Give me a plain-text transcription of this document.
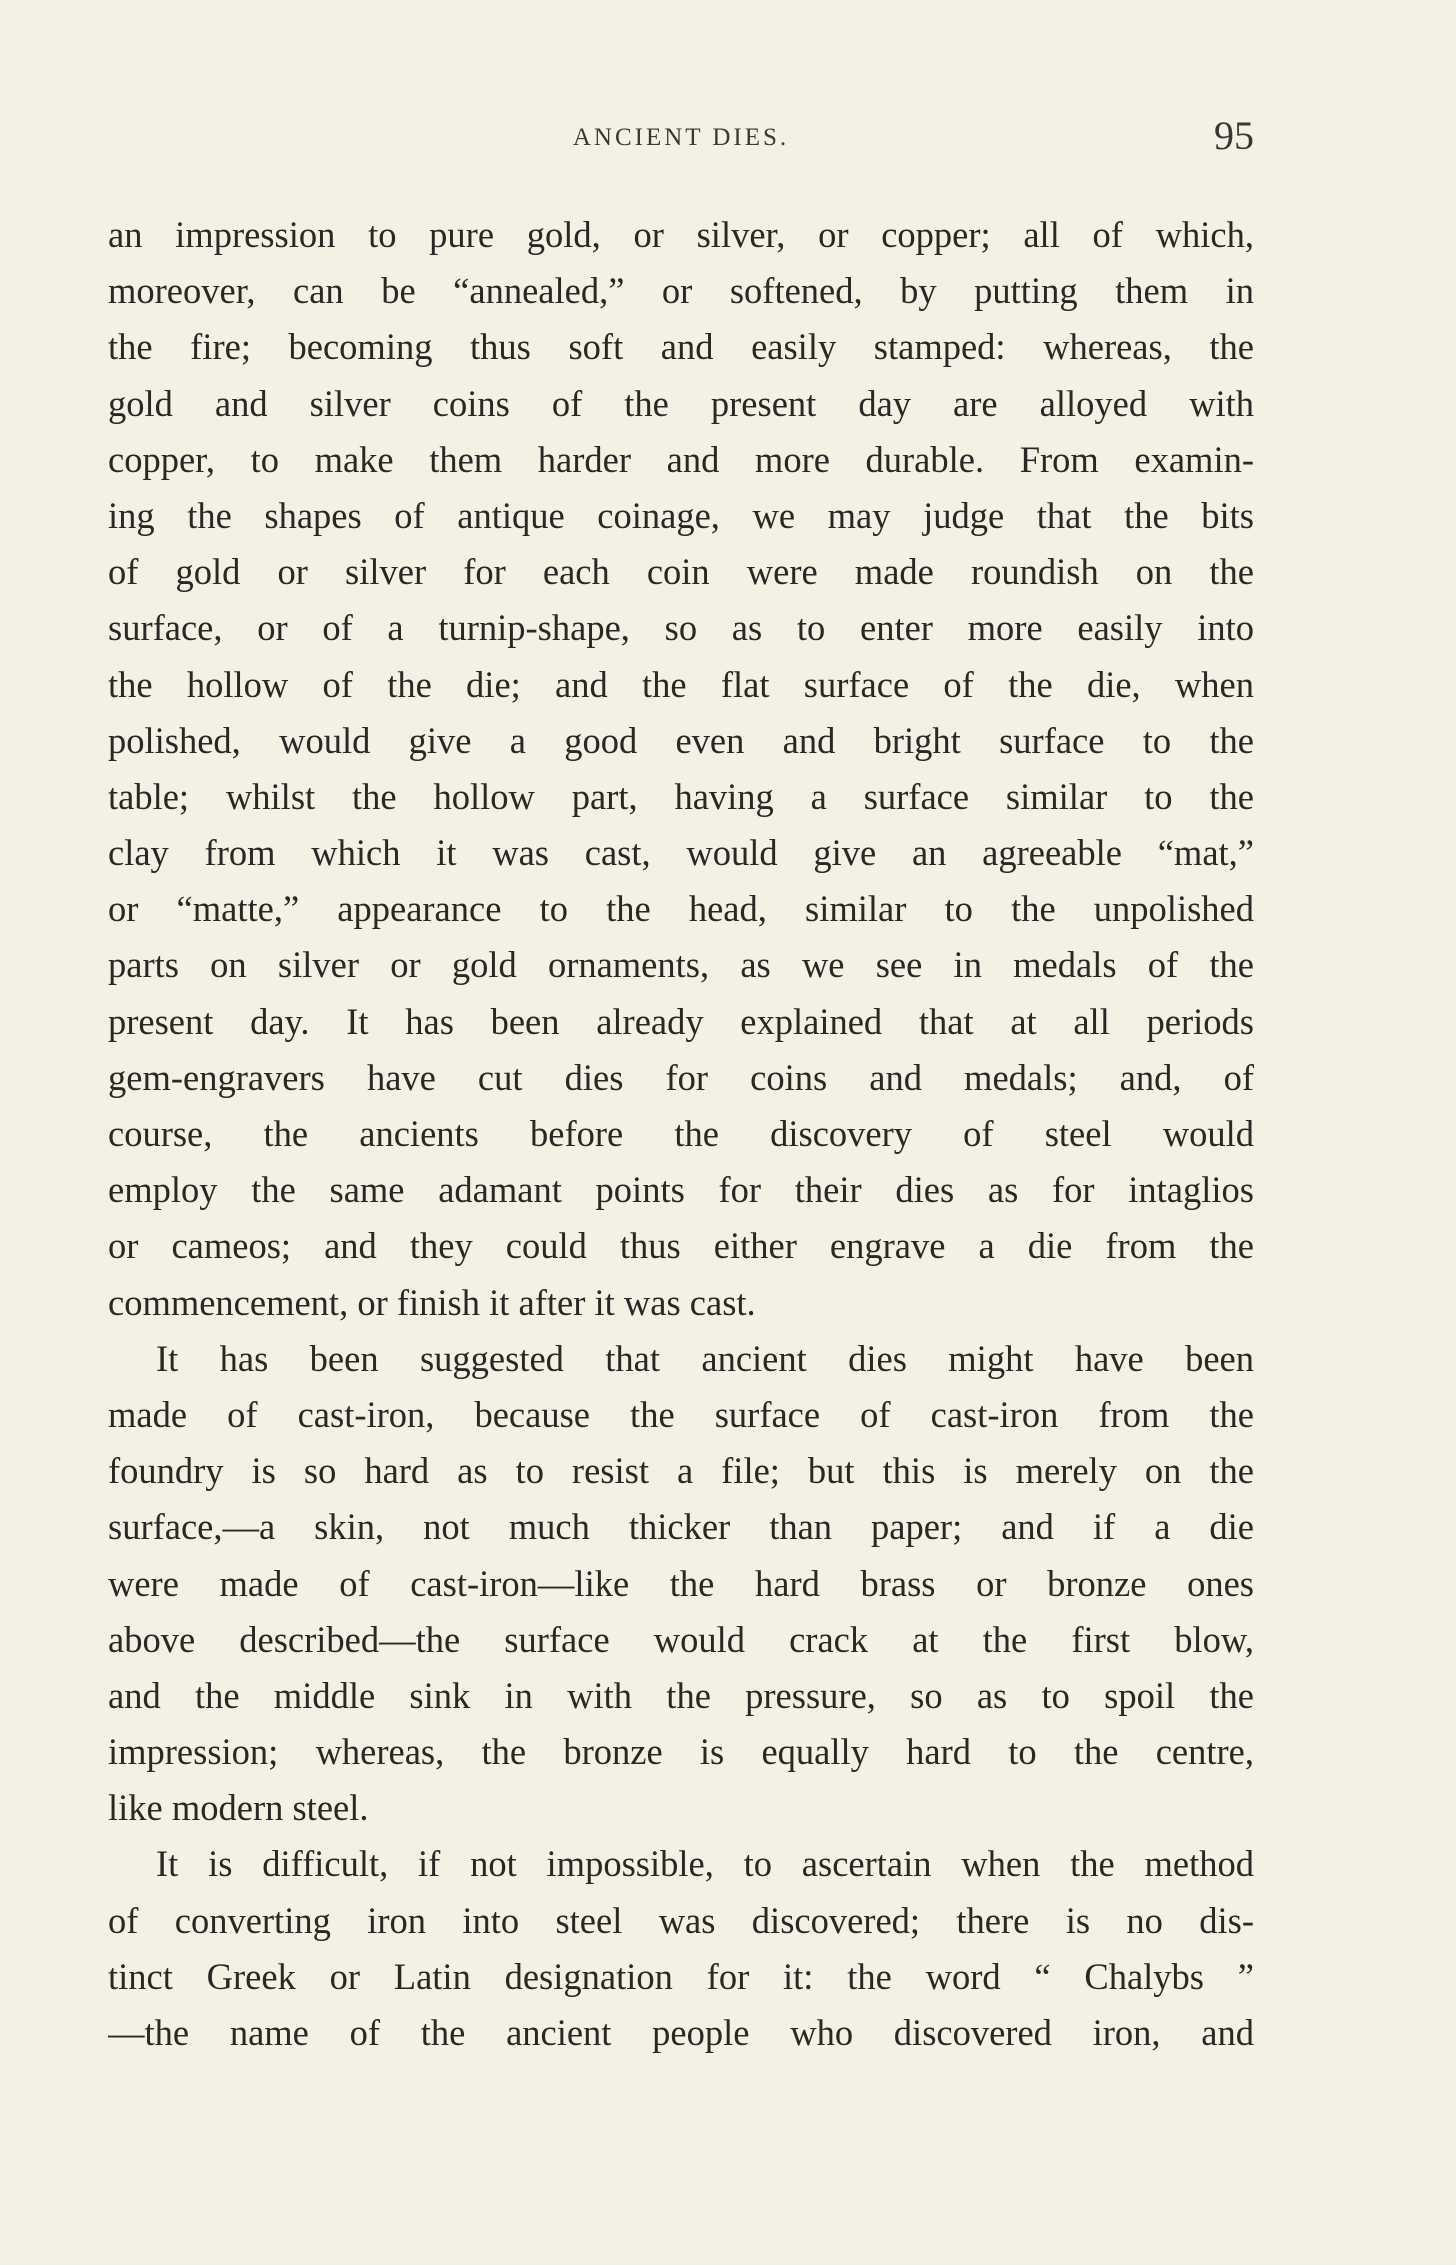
ANCIENT DIES.	95
an impression to pure gold, or silver, or copper; all of which,
moreover, can be “annealed,” or softened, by putting them in
the fire; becoming thus soft and easily stamped: whereas, the
gold and silver coins of the present day are alloyed with
copper, to make them harder and more durable. From examin-
ing the shapes of antique coinage, we may judge that the bits
of gold or silver for each coin were made roundish on the
surface, or of a turnip-shape, so as to enter more easily into
the hollow of the die; and the flat surface of the die, when
polished, would give a good even and bright surface to the
table; whilst the hollow part, having a surface similar to the
clay from which it was cast, would give an agreeable “mat,”
or “matte,” appearance to the head, similar to the unpolished
parts on silver or gold ornaments, as we see in medals of the
present day. It has been already explained that at all periods
gem-engravers have cut dies for coins and medals; and, of
course, the ancients before the discovery of steel would
employ the same adamant points for their dies as for intaglios
or cameos; and they could thus either engrave a die from the
commencement, or finish it after it was cast.
It has been suggested that ancient dies might have been
made of cast-iron, because the surface of cast-iron from the
foundry is so hard as to resist a file; but this is merely on the
surface,—a skin, not much thicker than paper; and if a die
were made of cast-iron—like the hard brass or bronze ones
above described—the surface would crack at the first blow,
and the middle sink in with the pressure, so as to spoil the
impression; whereas, the bronze is equally hard to the centre,
like modern steel.
It is difficult, if not impossible, to ascertain when the method
of converting iron into steel was discovered; there is no dis-
tinct Greek or Latin designation for it: the word “ Chalybs ”
—the name of the ancient people who discovered iron, and
